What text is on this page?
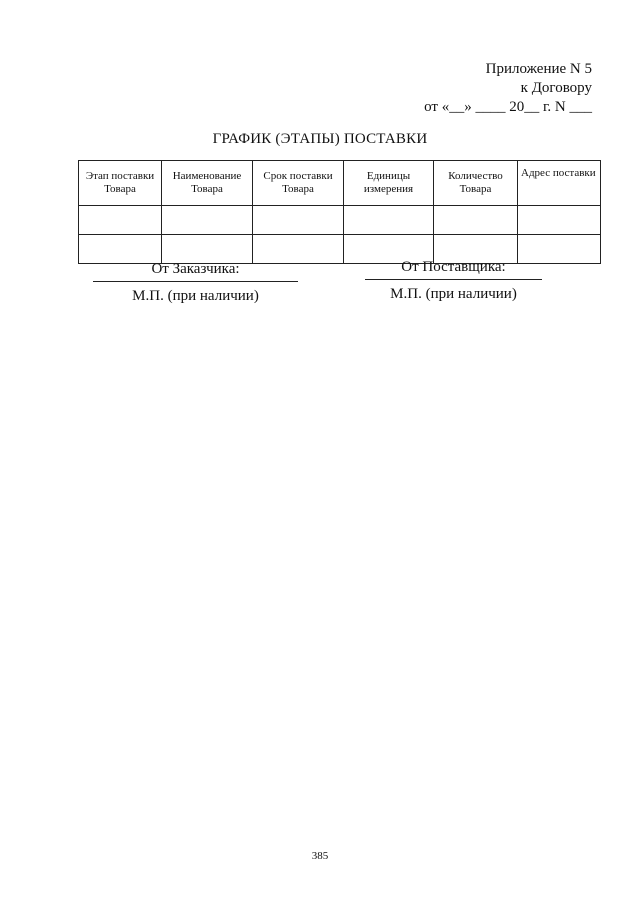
Приложение N 5
к Договору
от «__» ____ 20__ г. N ___
ГРАФИК (ЭТАПЫ) ПОСТАВКИ
Этап поставки Товара	Наименование Товара	Срок поставки Товара	Единицы измерения	Количество Товара	Адрес поставки

От Заказчика:
М.П. (при наличии)
От Поставщика:
М.П. (при наличии)
385
